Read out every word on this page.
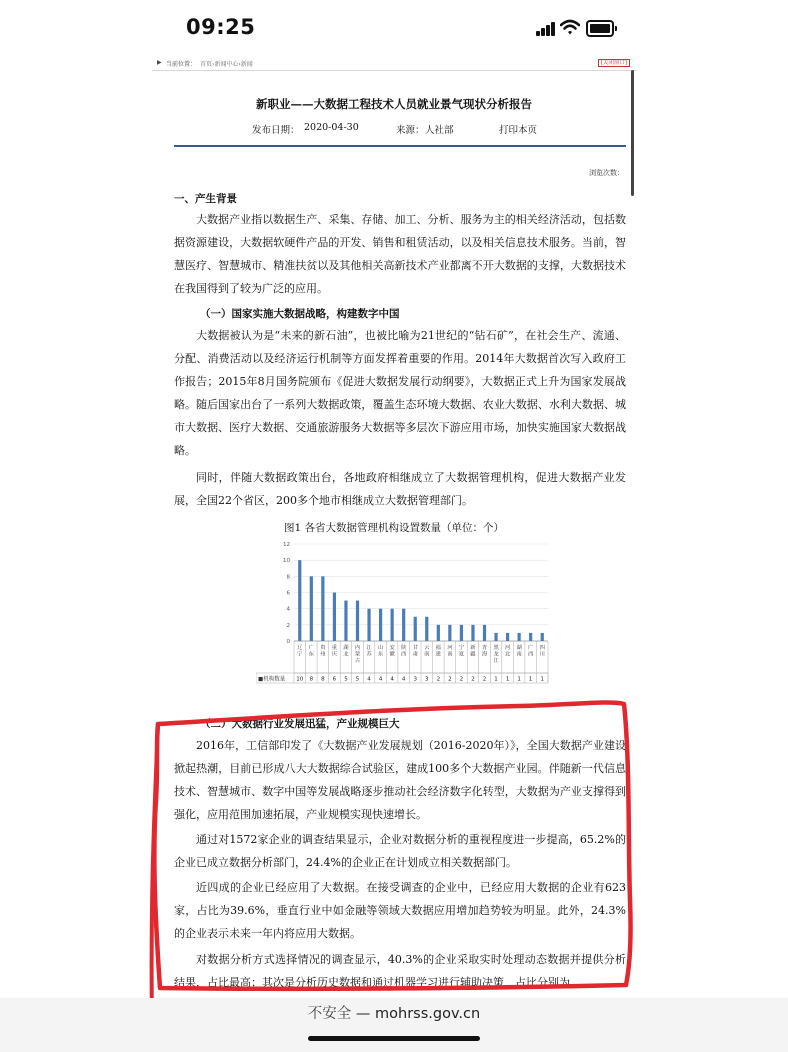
09:25
▶ 当前位置： 首页›新闻中心›新闻	[关闭窗口]
新职业——大数据工程技术人员就业景气现状分析报告
发布日期： 2020-04-30	来源： 人社部	打印本页
浏览次数：
一、产生背景

大数据产业指以数据生产、采集、存储、加工、分析、服务为主的相关经济活动，包括数据资源建设，大数据软硬件产品的开发、销售和租赁活动，以及相关信息技术服务。当前，智慧医疗、智慧城市、精准扶贫以及其他相关高新技术产业都离不开大数据的支撑，大数据技术在我国得到了较为广泛的应用。

（一）国家实施大数据战略，构建数字中国

大数据被认为是“未来的新石油”，也被比喻为21世纪的“钻石矿”，在社会生产、流通、分配、消费活动以及经济运行机制等方面发挥着重要的作用。2014年大数据首次写入政府工作报告；2015年8月国务院颁布《促进大数据发展行动纲要》，大数据正式上升为国家发展战略。随后国家出台了一系列大数据政策，覆盖生态环境大数据、农业大数据、水利大数据、城市大数据、医疗大数据、交通旅游服务大数据等多层次下游应用市场，加快实施国家大数据战略。

同时，伴随大数据政策出台，各地政府相继成立了大数据管理机构，促进大数据产业发展，全国22个省区，200多个地市相继成立大数据管理部门。

图1 各省大数据管理机构设置数量（单位：个）
0
2
4
6
8
10
12
辽宁
10
广东
8
贵州
8
重庆
6
湖北
5
内蒙古
5
江苏
4
山东
4
安徽
4
陕西
4
甘肃
3
云南
3
福建
2
河南
2
宁夏
2
新疆
2
青海
2
黑龙江
1
河北
1
湖南
1
广西
1
四川
1
■机构数量
（二）大数据行业发展迅猛，产业规模巨大

2016年，工信部印发了《大数据产业发展规划（2016-2020年）》，全国大数据产业建设掀起热潮，目前已形成八大大数据综合试验区，建成100多个大数据产业园。伴随新一代信息技术、智慧城市、数字中国等发展战略逐步推动社会经济数字化转型，大数据为产业支撑得到强化，应用范围加速拓展，产业规模实现快速增长。

通过对1572家企业的调查结果显示，企业对数据分析的重视程度进一步提高，65.2%的企业已成立数据分析部门，24.4%的企业正在计划成立相关数据部门。

近四成的企业已经应用了大数据。在接受调查的企业中，已经应用大数据的企业有623家，占比为39.6%，垂直行业中如金融等领域大数据应用增加趋势较为明显。此外，24.3%的企业表示未来一年内将应用大数据。

对数据分析方式选择情况的调查显示，40.3%的企业采取实时处理动态数据并提供分析结果，占比最高；其次是分析历史数据和通过机器学习进行辅助决策，占比分别为

不安全 — mohrss.gov.cn
